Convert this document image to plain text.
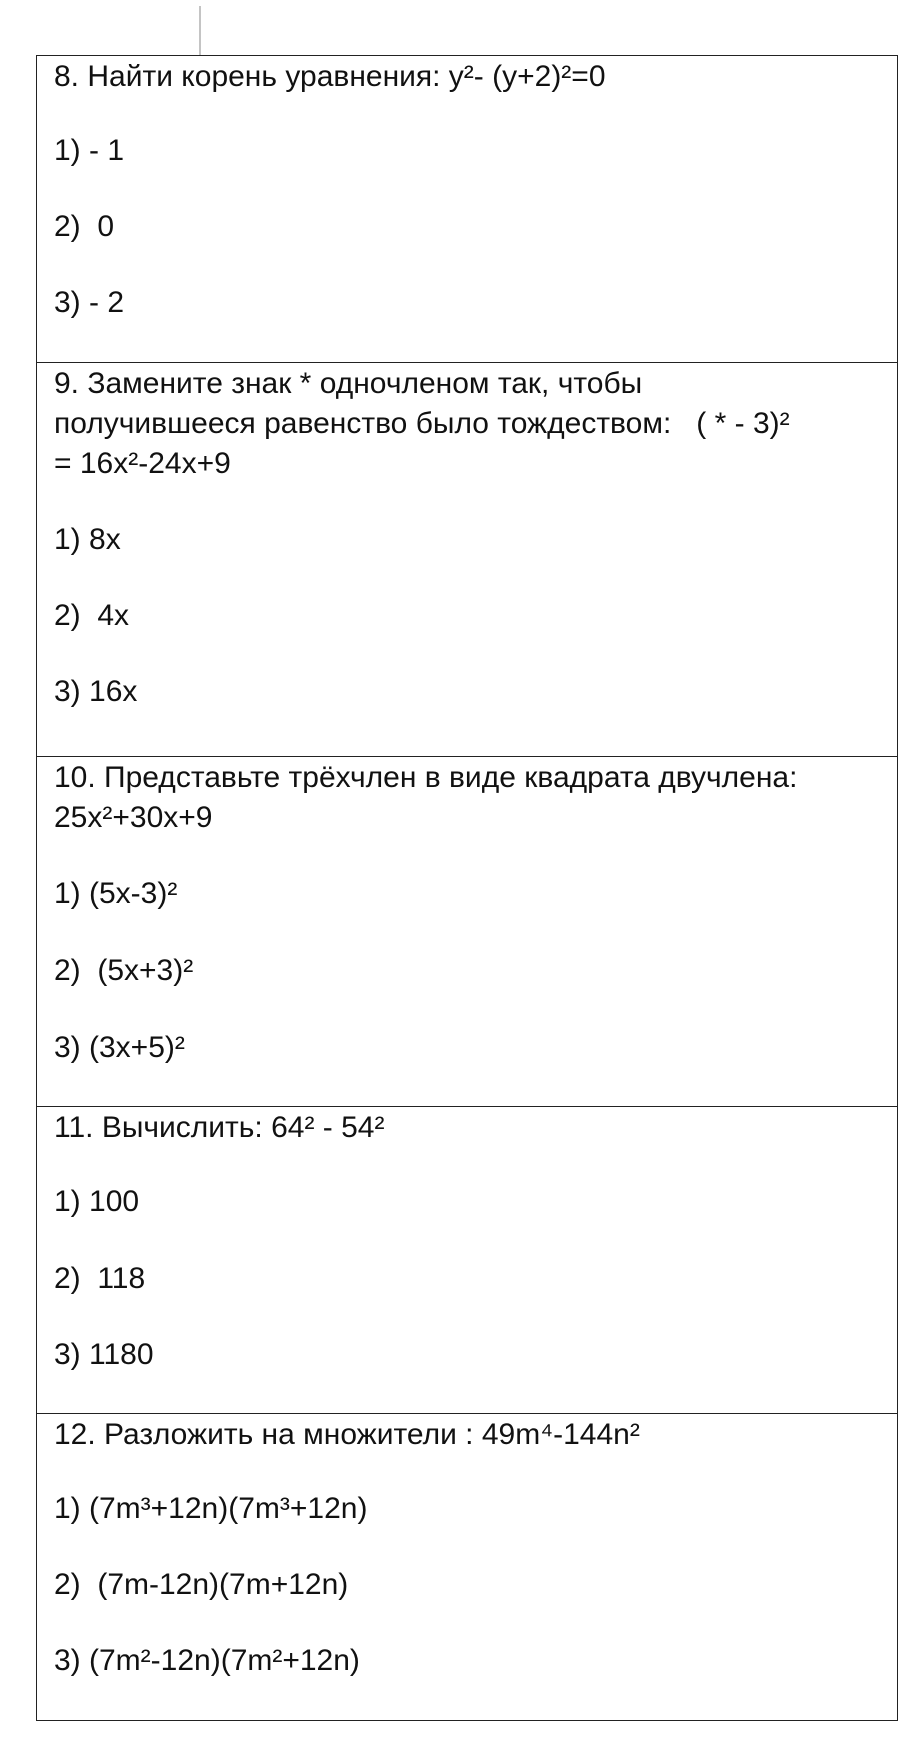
8. Найти корень уравнения: y²- (y+2)²=0
1) - 1
2)  0
3) - 2

9. Замените знак * одночленом так, чтобы
получившееся равенство было тождеством:   ( * - 3)²
= 16x²-24x+9
1) 8x
2)  4x
3) 16x

10. Представьте трёхчлен в виде квадрата двучлена:
25x²+30x+9
1) (5x-3)²
2)  (5x+3)²
3) (3x+5)²

11. Вычислить: 64² - 54²
1) 100
2)  118
3) 1180

12. Разложить на множители : 49m⁴-144n²
1) (7m³+12n)(7m³+12n)
2)  (7m-12n)(7m+12n)
3) (7m²-12n)(7m²+12n)
